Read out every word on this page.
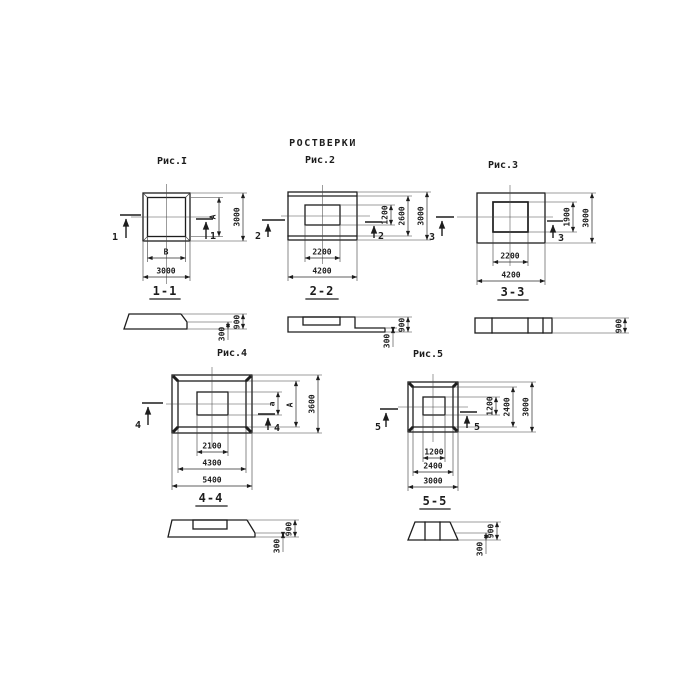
РОСТВЕРКИ
Рис.I
А 3000
В
3000
1	1
1-1
900
300
Рис.2
1200 2600 3000
2200
4200
2	2
2-2
900
300
Рис.3
1900 3000
2200
4200
3	3
3-3
900
Рис.4
а А 3600
2100
4300
5400
4	4
4-4
900
300
Рис.5
1200 2400 3000
1200
2400
3000
5	5
5-5
900
300
